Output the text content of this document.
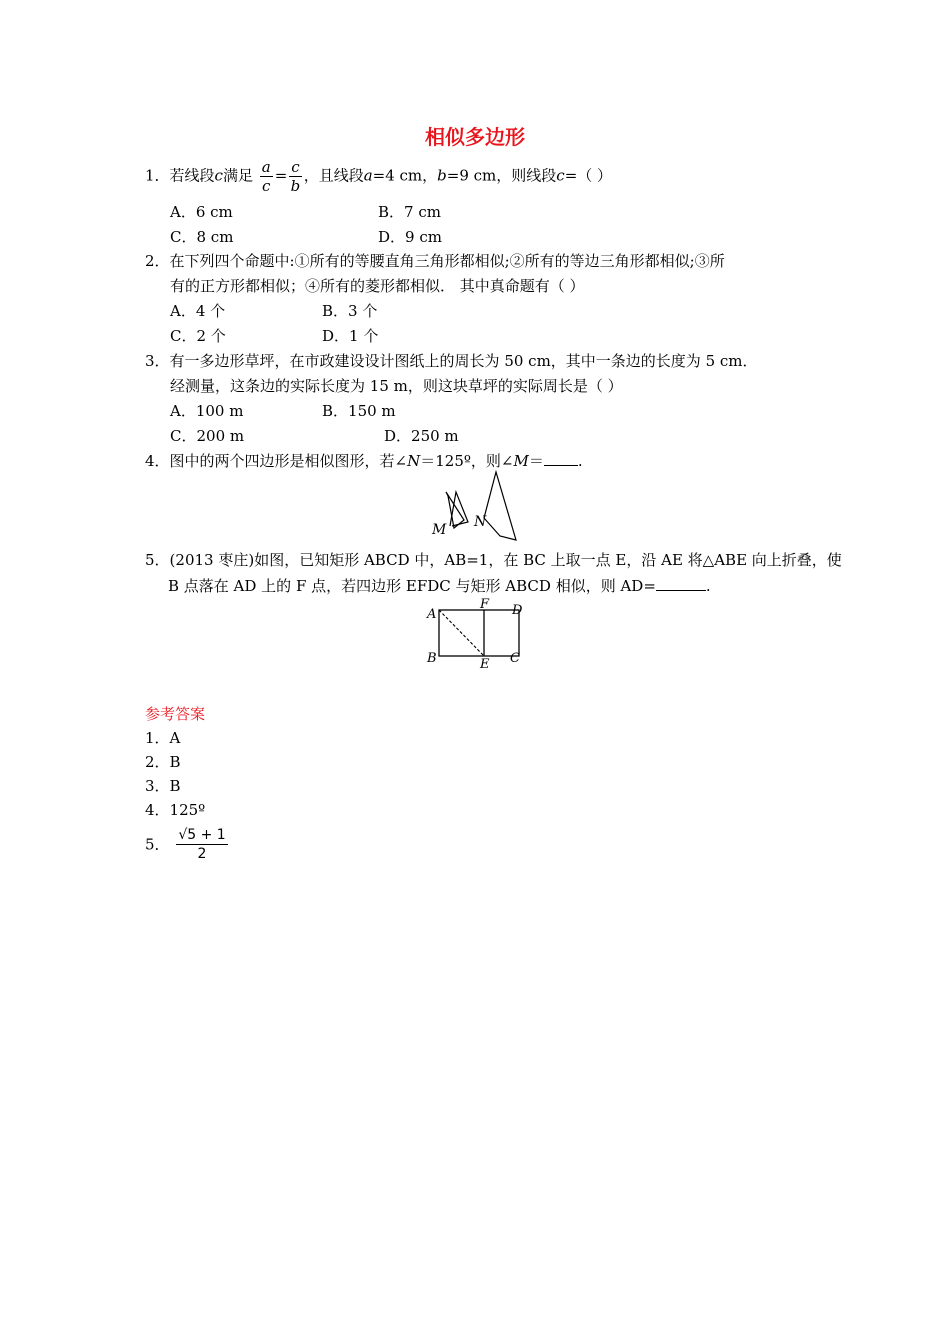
相似多边形
1．若线段c满足 $\frac{a}{c} = \frac{c}{b}$ ，且线段a=4 cm，b=9 cm，则线段c=（ ）
A．6 cm	B．7 cm
C．8 cm	D．9 cm
2．在下列四个命题中:①所有的等腰直角三角形都相似;②所有的等边三角形都相似;③所
有的正方形都相似；④所有的菱形都相似． 其中真命题有（ ）
A．4 个	B．3 个
C．2 个	D．1 个
3．有一多边形草坪，在市政建设设计图纸上的周长为 50 cm，其中一条边的长度为 5 cm．
经测量，这条边的实际长度为 15 m，则这块草坪的实际周长是（ ）
A．100 m	B．150 m
C．200 m	D．250 m
4．图中的两个四边形是相似图形，若∠N＝125º，则∠M＝ .
M N
5．(2013 枣庄)如图，已知矩形 ABCD 中，AB=1，在 BC 上取一点 E，沿 AE 将△ABE 向上折叠，使
B 点落在 AD 上的 F 点，若四边形 EFDC 与矩形 ABCD 相似，则 AD=	.
A
F D
B	E C
参考答案
1．A
2．B
3．B
4．125º
5． $\frac{√5 + 1}{2}$
